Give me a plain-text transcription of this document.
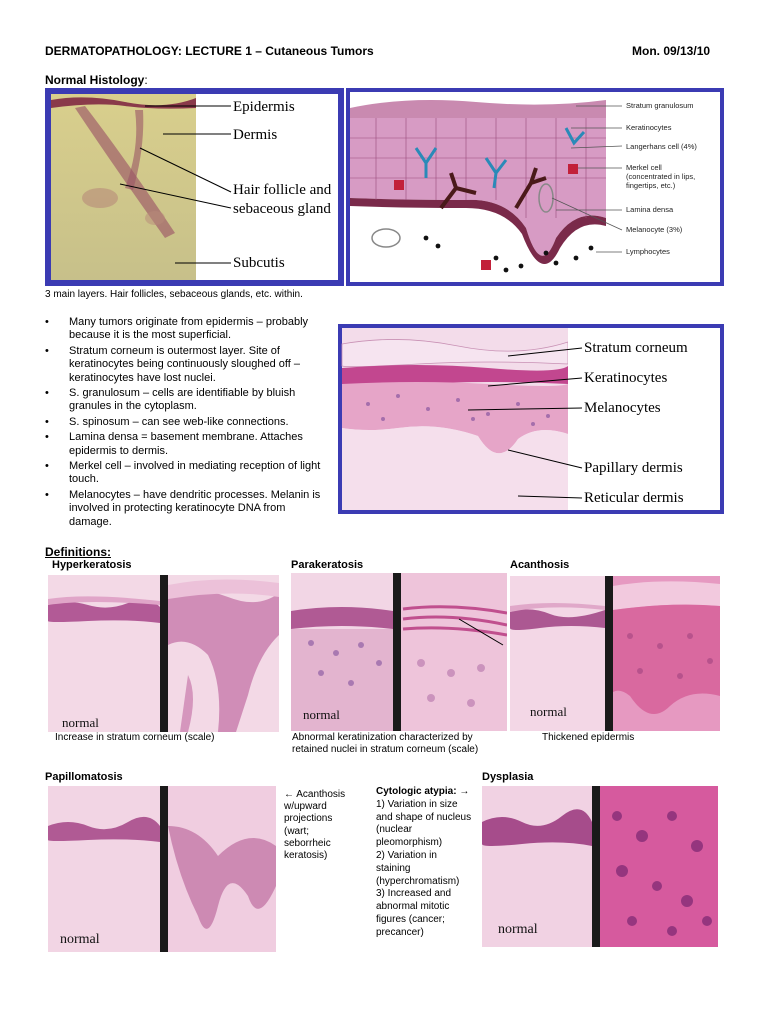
DERMATOPATHOLOGY: LECTURE 1 – Cutaneous Tumors	Mon. 09/13/10
Normal Histology:
Epidermis
Dermis
Hair follicle and
sebaceous gland
Subcutis
Stratum granulosum
Keratinocytes
Langerhans cell (4%)
Merkel cell
(concentrated in lips,
fingertips, etc.)
Lamina densa
Melanocyte (3%)
Lymphocytes
3 main layers. Hair follicles, sebaceous glands, etc. within.
• Many tumors originate from epidermis – probably because it is the most superficial.
• Stratum corneum is outermost layer. Site of keratinocytes being continuously sloughed off – keratinocytes have lost nuclei.
• S. granulosum – cells are identifiable by bluish granules in the cytoplasm.
• S. spinosum – can see web-like connections.
• Lamina densa = basement membrane. Attaches epidermis to dermis.
• Merkel cell – involved in mediating reception of light touch.
• Melanocytes – have dendritic processes. Melanin is involved in protecting keratinocyte DNA from damage.
Stratum corneum
Keratinocytes
Melanocytes
Papillary dermis
Reticular dermis
Definitions:
Hyperkeratosis
normal
Increase in stratum corneum (scale)
Parakeratosis
normal
Abnormal keratinization characterized by
retained nuclei in stratum corneum (scale)
Acanthosis
normal
Thickened epidermis
Papillomatosis
normal
← Acanthosis
w/upward
projections
(wart;
seborrheic
keratosis)
Cytologic atypia: →
1) Variation in size
and shape of nucleus
(nuclear
pleomorphism)
2) Variation in
staining
(hyperchromatism)
3) Increased and
abnormal mitotic
figures (cancer;
precancer)
Dysplasia
normal
